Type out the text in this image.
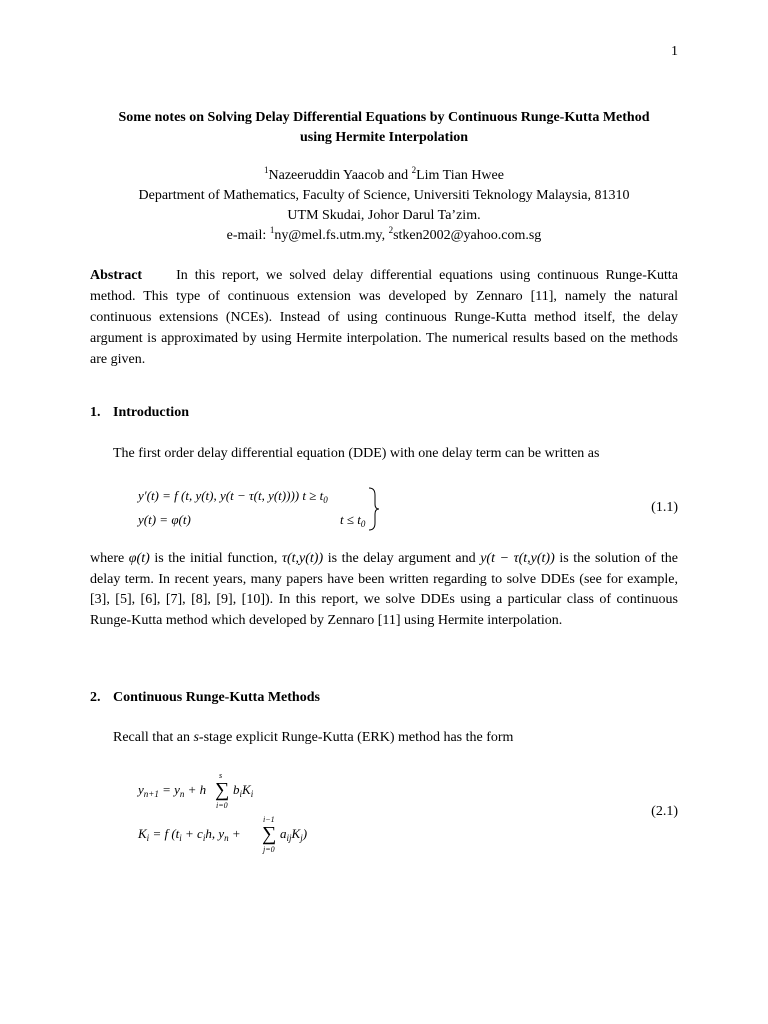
1
Some notes on Solving Delay Differential Equations by Continuous Runge-Kutta Method
using Hermite Interpolation
$^1$Nazeeruddin Yaacob and $^2$Lim Tian Hwee
Department of Mathematics, Faculty of Science, Universiti Teknology Malaysia, 81310
UTM Skudai, Johor Darul Ta’zim.
e-mail: $^1$ny@mel.fs.utm.my, $^2$stken2002@yahoo.com.sg
Abstract In this report, we solved delay differential equations using continuous Runge-Kutta method. This type of continuous extension was developed by Zennaro [11], namely the natural continuous extensions (NCEs). Instead of using continuous Runge-Kutta method itself, the delay argument is approximated by using Hermite interpolation. The numerical results based on the methods are given.
1. Introduction
The first order delay differential equation (DDE) with one delay term can be written as
y′(t) = f (t, y(t), y(t − τ(t, y(t)))) $t \ge t_0$
y(t) = φ(t)	$t \le t_0$
(1.1)
where φ(t) is the initial function, τ(t,y(t)) is the delay argument and y(t − τ(t,y(t)) is the solution of the delay term. In recent years, many papers have been written regarding to solve DDEs (see for example, [3], [5], [6], [7], [8], [9], [10]). In this report, we solve DDEs using a particular class of continuous Runge-Kutta method which developed by Zennaro [11] using Hermite interpolation.
2. Continuous Runge-Kutta Methods
Recall that an s-stage explicit Runge-Kutta (ERK) method has the form
$y_{n+1} = y_n + h$ ∑
s
i=0
$b_iK_i$
$K_i = f$ ($t_i + c_ih$, $y_n$ + ∑
i−1
j=0
$a_{ij}K_j$)
(2.1)
